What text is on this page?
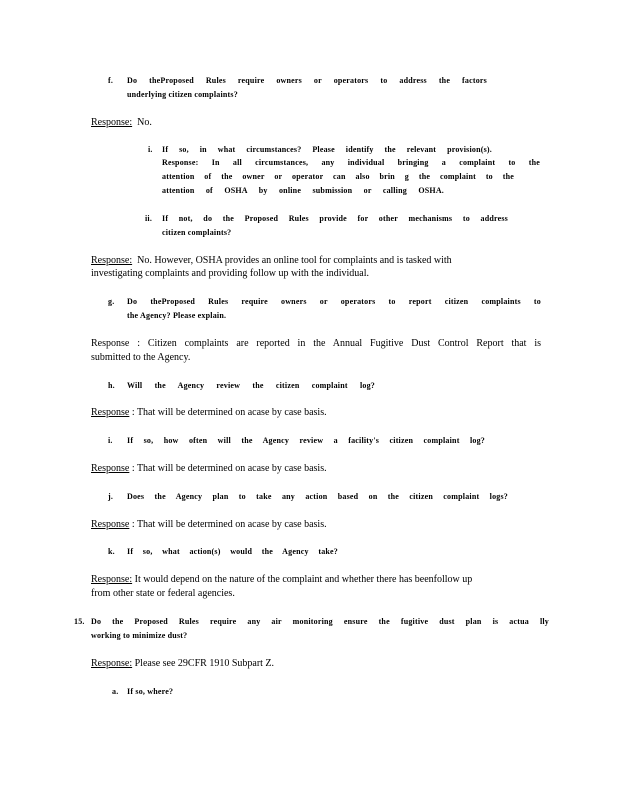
f. Do theProposed Rules require owners or operators to address the factors
underlying citizen complaints?
Response: No.
i. If so, in what circumstances? Please identify the relevant provision(s).
Response: In all circumstances, any individual bringing a complaint to the
attention of the owner or operator can also brin g the complaint to the
attention of OSHA by online submission or calling OSHA.
ii. If not, do the Proposed Rules provide for other mechanisms to address
citizen complaints?
Response: No. However, OSHA provides an online tool for complaints and is tasked with
investigating complaints and providing follow up with the individual.
g. Do theProposed Rules require owners or operators to report citizen complaints to
the Agency? Please explain.
Response : Citizen complaints are reported in the Annual Fugitive Dust Control Report that is
submitted to the Agency.
h. Will the Agency review the citizen complaint log?
Response : That will be determined on acase by case basis.
i. If so, how often will the Agency review a facility's citizen complaint log?
Response : That will be determined on acase by case basis.
j. Does the Agency plan to take any action based on the citizen complaint logs?
Response : That will be determined on acase by case basis.
k. If so, what action(s) would the Agency take?
Response: It would depend on the nature of the complaint and whether there has beenfollow up
from other state or federal agencies.
15. Do the Proposed Rules require any air monitoring ensure the fugitive dust plan is actua lly
working to minimize dust?
Response: Please see 29CFR 1910 Subpart Z.
a. If so, where?
